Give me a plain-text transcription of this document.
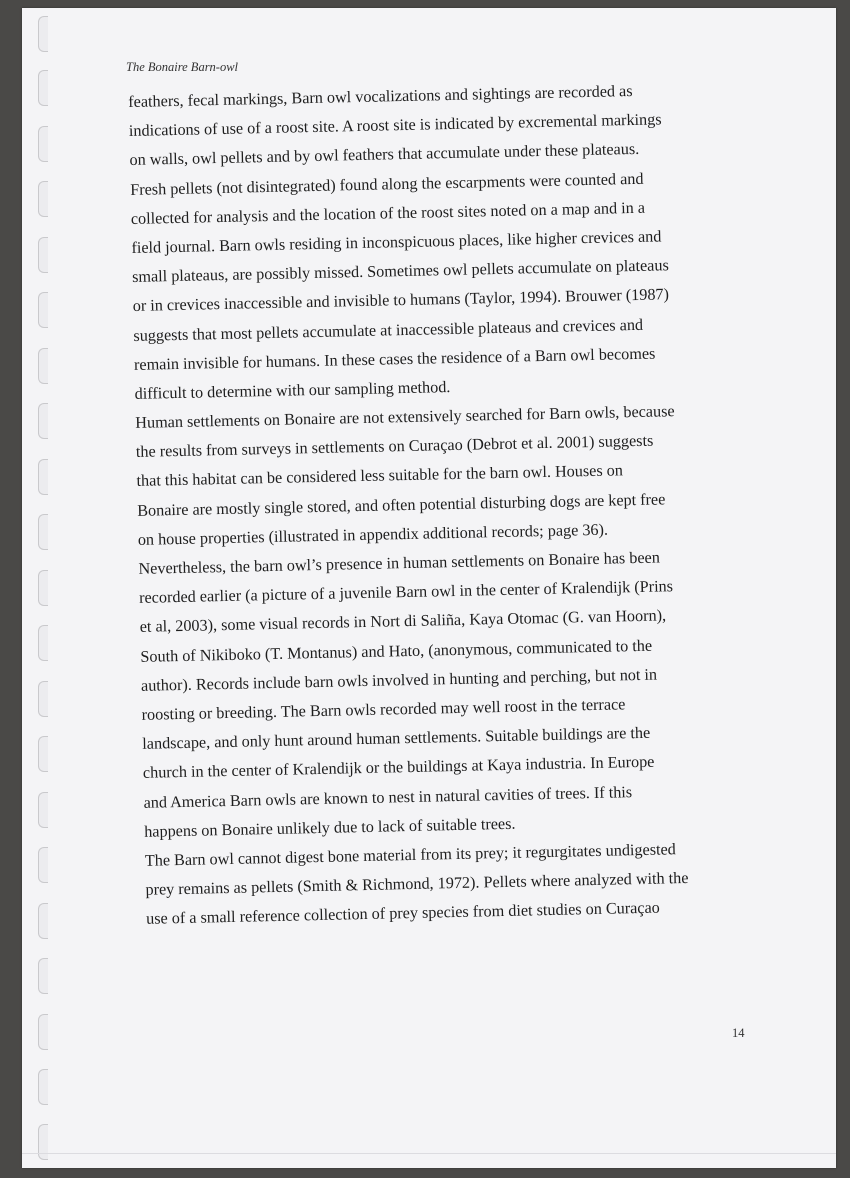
The Bonaire Barn-owl
feathers, fecal markings, Barn owl vocalizations and sightings are recorded as
indications of use of a roost site. A roost site is indicated by excremental markings
on walls, owl pellets and by owl feathers that accumulate under these plateaus.
Fresh pellets (not disintegrated) found along the escarpments were counted and
collected for analysis and the location of the roost sites noted on a map and in a
field journal. Barn owls residing in inconspicuous places, like higher crevices and
small plateaus, are possibly missed. Sometimes owl pellets accumulate on plateaus
or in crevices inaccessible and invisible to humans (Taylor, 1994). Brouwer (1987)
suggests that most pellets accumulate at inaccessible plateaus and crevices and
remain invisible for humans. In these cases the residence of a Barn owl becomes
difficult to determine with our sampling method.
Human settlements on Bonaire are not extensively searched for Barn owls, because
the results from surveys in settlements on Curaçao (Debrot et al. 2001) suggests
that this habitat can be considered less suitable for the barn owl. Houses on
Bonaire are mostly single stored, and often potential disturbing dogs are kept free
on house properties (illustrated in appendix additional records; page 36).
Nevertheless, the barn owl’s presence in human settlements on Bonaire has been
recorded earlier (a picture of a juvenile Barn owl in the center of Kralendijk (Prins
et al, 2003), some visual records in Nort di Saliña, Kaya Otomac (G. van Hoorn),
South of Nikiboko (T. Montanus) and Hato, (anonymous, communicated to the
author). Records include barn owls involved in hunting and perching, but not in
roosting or breeding. The Barn owls recorded may well roost in the terrace
landscape, and only hunt around human settlements. Suitable buildings are the
church in the center of Kralendijk or the buildings at Kaya industria. In Europe
and America Barn owls are known to nest in natural cavities of trees. If this
happens on Bonaire unlikely due to lack of suitable trees.
The Barn owl cannot digest bone material from its prey; it regurgitates undigested
prey remains as pellets (Smith & Richmond, 1972). Pellets where analyzed with the
use of a small reference collection of prey species from diet studies on Curaçao
14
